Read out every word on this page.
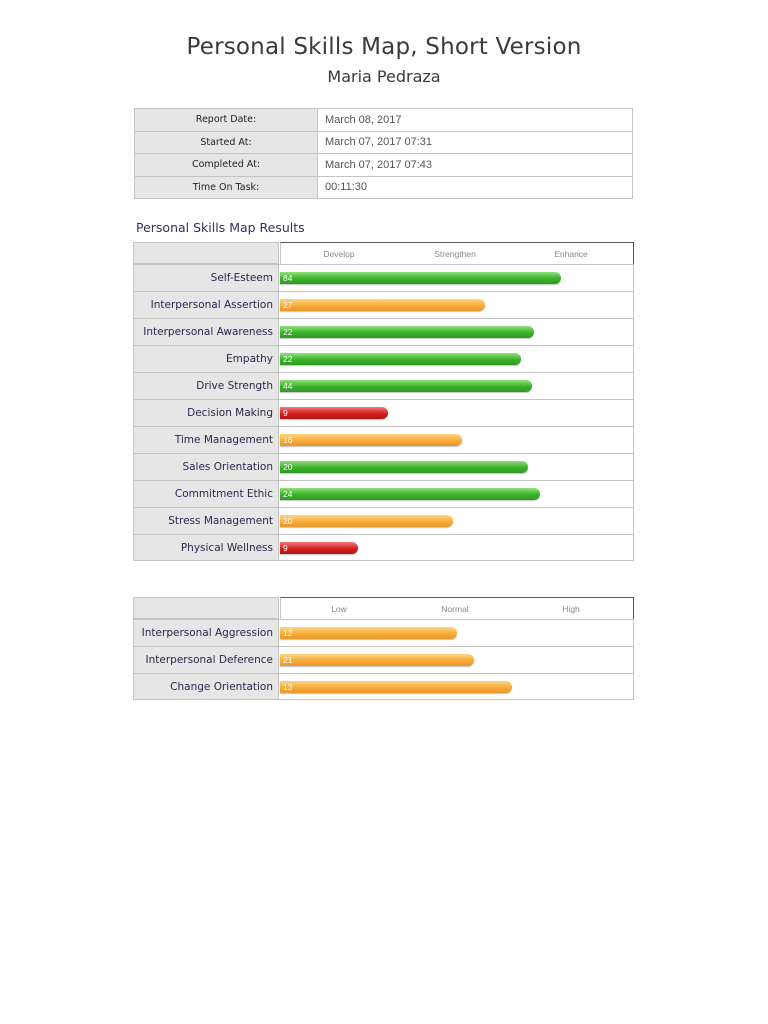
Personal Skills Map, Short Version
Maria Pedraza
Report Date:	March 08, 2017
Started At:	March 07, 2017 07:31
Completed At:	March 07, 2017 07:43
Time On Task:	00:11:30
Personal Skills Map Results
Develop	Strengthen	Enhance
Self-Esteem	84
Interpersonal Assertion	27
Interpersonal Awareness	22
Empathy	22
Drive Strength	44
Decision Making	9
Time Management	16
Sales Orientation	20
Commitment Ethic	24
Stress Management	20
Physical Wellness	9
Low	Normal	High
Interpersonal Aggression	12
Interpersonal Deference	21
Change Orientation	13
